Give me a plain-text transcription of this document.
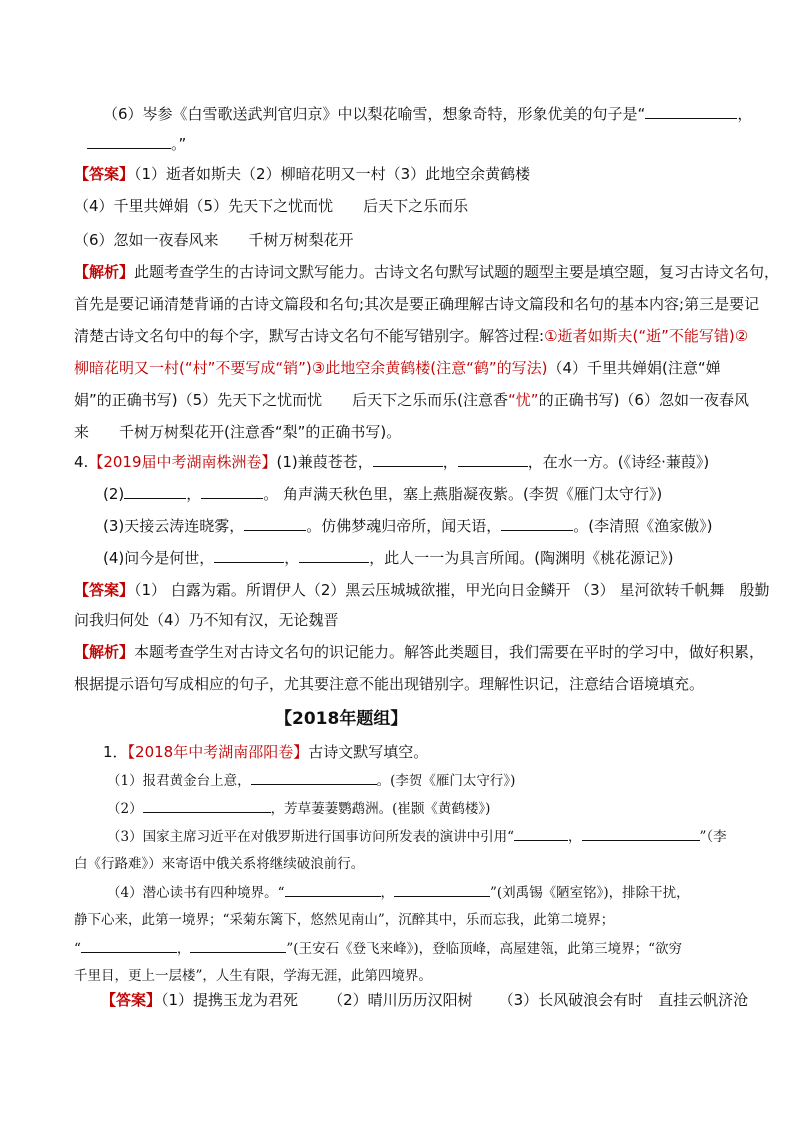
（6）岑参《白雪歌送武判官归京》中以梨花喻雪，想象奇特，形象优美的句子是“	，
。”
【答案】（1）逝者如斯夫（2）柳暗花明又一村（3）此地空余黄鹤楼
（4）千里共婵娟（5）先天下之忧而忧　　后天下之乐而乐
（6）忽如一夜春风来　　千树万树梨花开
【解析】此题考查学生的古诗词文默写能力。古诗文名句默写试题的题型主要是填空题，复习古诗文名句，
首先是要记诵清楚背诵的古诗文篇段和名句;其次是要正确理解古诗文篇段和名句的基本内容;第三是要记
清楚古诗文名句中的每个字，默写古诗文名句不能写错别字。解答过程:①逝者如斯夫(“逝”不能写错)②
柳暗花明又一村(“村”不要写成“销”)③此地空余黄鹤楼(注意“鹤”的写法)（4）千里共婵娟(注意“婵
娟”的正确书写)（5）先天下之忧而忧　　后天下之乐而乐(注意香“忧”的正确书写)（6）忽如一夜春风
来　　千树万树梨花开(注意香“梨”的正确书写)。
4.【2019届中考湖南株洲卷】(1)兼葭苍苍，	，	，在水一方。(《诗经·蒹葭》)
(2)	，	。 角声满天秋色里，塞上燕脂凝夜紫。(李贺《雁门太守行》)
(3)天接云涛连晓雾，	。仿佛梦魂归帝所，闻天语，	。(李清照《渔家傲》)
(4)问今是何世，	，	，此人一一为具言所闻。(陶渊明《桃花源记》)
【答案】（1） 白露为霜。所谓伊人（2）黑云压城城欲摧，甲光向日金鳞开 （3） 星河欲转千帆舞　殷勤
问我归何处（4）乃不知有汉，无论魏晋
【解析】本题考查学生对古诗文名句的识记能力。解答此类题目，我们需要在平时的学习中，做好积累，
根据提示语句写成相应的句子，尤其要注意不能出现错别字。理解性识记，注意结合语境填充。
【2018年题组】
1．【2018年中考湖南邵阳卷】古诗文默写填空。
（1）报君黄金台上意，	。(李贺《雁门太守行》)
（2）	，芳草萋萋鹦鹉洲。(崔颢《黄鹤楼》)
（3）国家主席习近平在对俄罗斯进行国事访问所发表的演讲中引用“	，	”（李
白《行路难》）来寄语中俄关系将继续破浪前行。
（4）潜心读书有四种境界。“	，	”(刘禹锡《陋室铭》)，排除干扰，
静下心来，此第一境界；“采菊东篱下，悠然见南山”，沉醉其中，乐而忘我，此第二境界；
“	，	”(王安石《登飞来峰》)，登临顶峰，高屋建瓴，此第三境界；“欲穷
千里目，更上一层楼”，人生有限，学海无涯，此第四境界。
【答案】（1）提携玉龙为君死 （2）晴川历历汉阳树 （3）长风破浪会有时　直挂云帆济沧
